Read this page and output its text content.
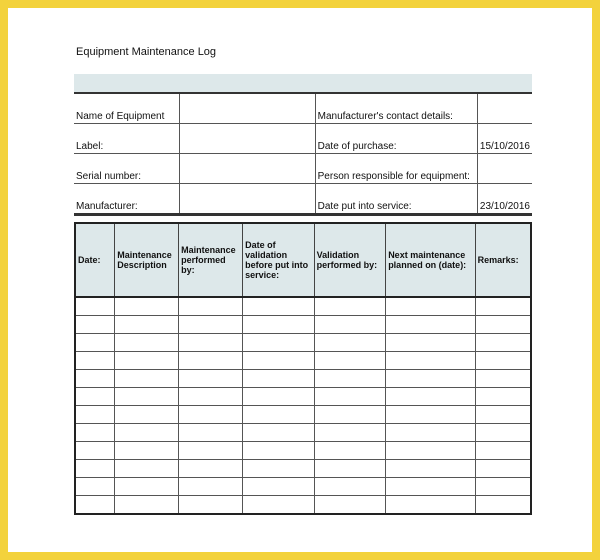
Equipment Maintenance Log
Name of Equipment		Manufacturer's contact details:	
Label:		Date of purchase:	15/10/2016
Serial number:		Person responsible for equipment:	
Manufacturer:		Date put into service:	23/10/2016
Date:	Maintenance Description	Maintenance performed by:	Date of validation before put into service:	Validation performed by:	Next maintenance planned on (date):	Remarks:
